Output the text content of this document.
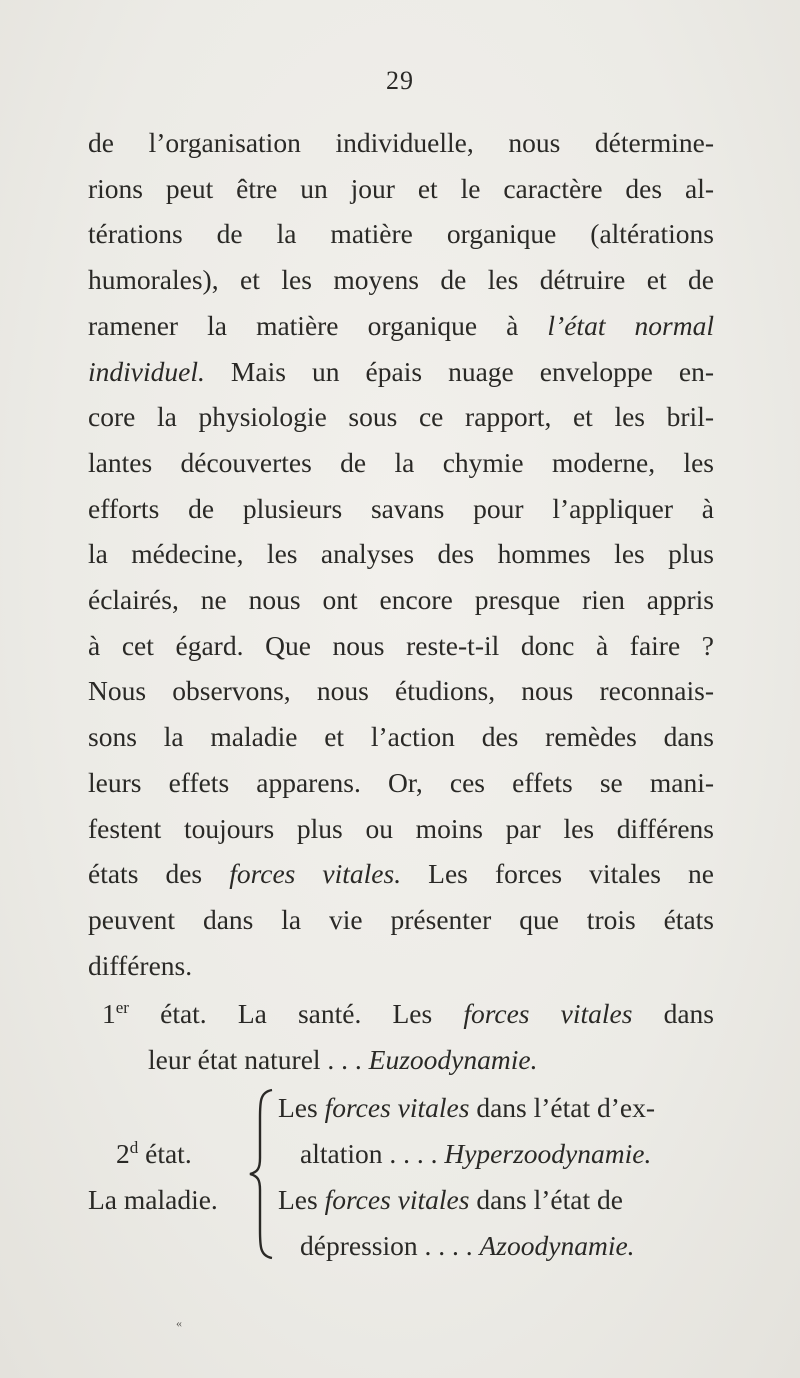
29
de l’organisation individuelle, nous détermine-
rions peut être un jour et le caractère des al-
térations de la matière organique (altérations
humorales), et les moyens de les détruire et de
ramener la matière organique à l’état normal
individuel. Mais un épais nuage enveloppe en-
core la physiologie sous ce rapport, et les bril-
lantes découvertes de la chymie moderne, les
efforts de plusieurs savans pour l’appliquer à
la médecine, les analyses des hommes les plus
éclairés, ne nous ont encore presque rien appris
à cet égard. Que nous reste-t-il donc à faire ?
Nous observons, nous étudions, nous reconnais-
sons la maladie et l’action des remèdes dans
leurs effets apparens. Or, ces effets se mani-
festent toujours plus ou moins par les différens
états des forces vitales. Les forces vitales ne
peuvent dans la vie présenter que trois états
différens.
1er état. La santé. Les forces vitales dans
leur état naturel . . . Euzoodynamie.
2$^d$ état.
La maladie.
Les forces vitales dans l’état d’ex-
altation . . . . Hyperzoodynamie.
Les forces vitales dans l’état de
dépression . . . . Azoodynamie.
«
